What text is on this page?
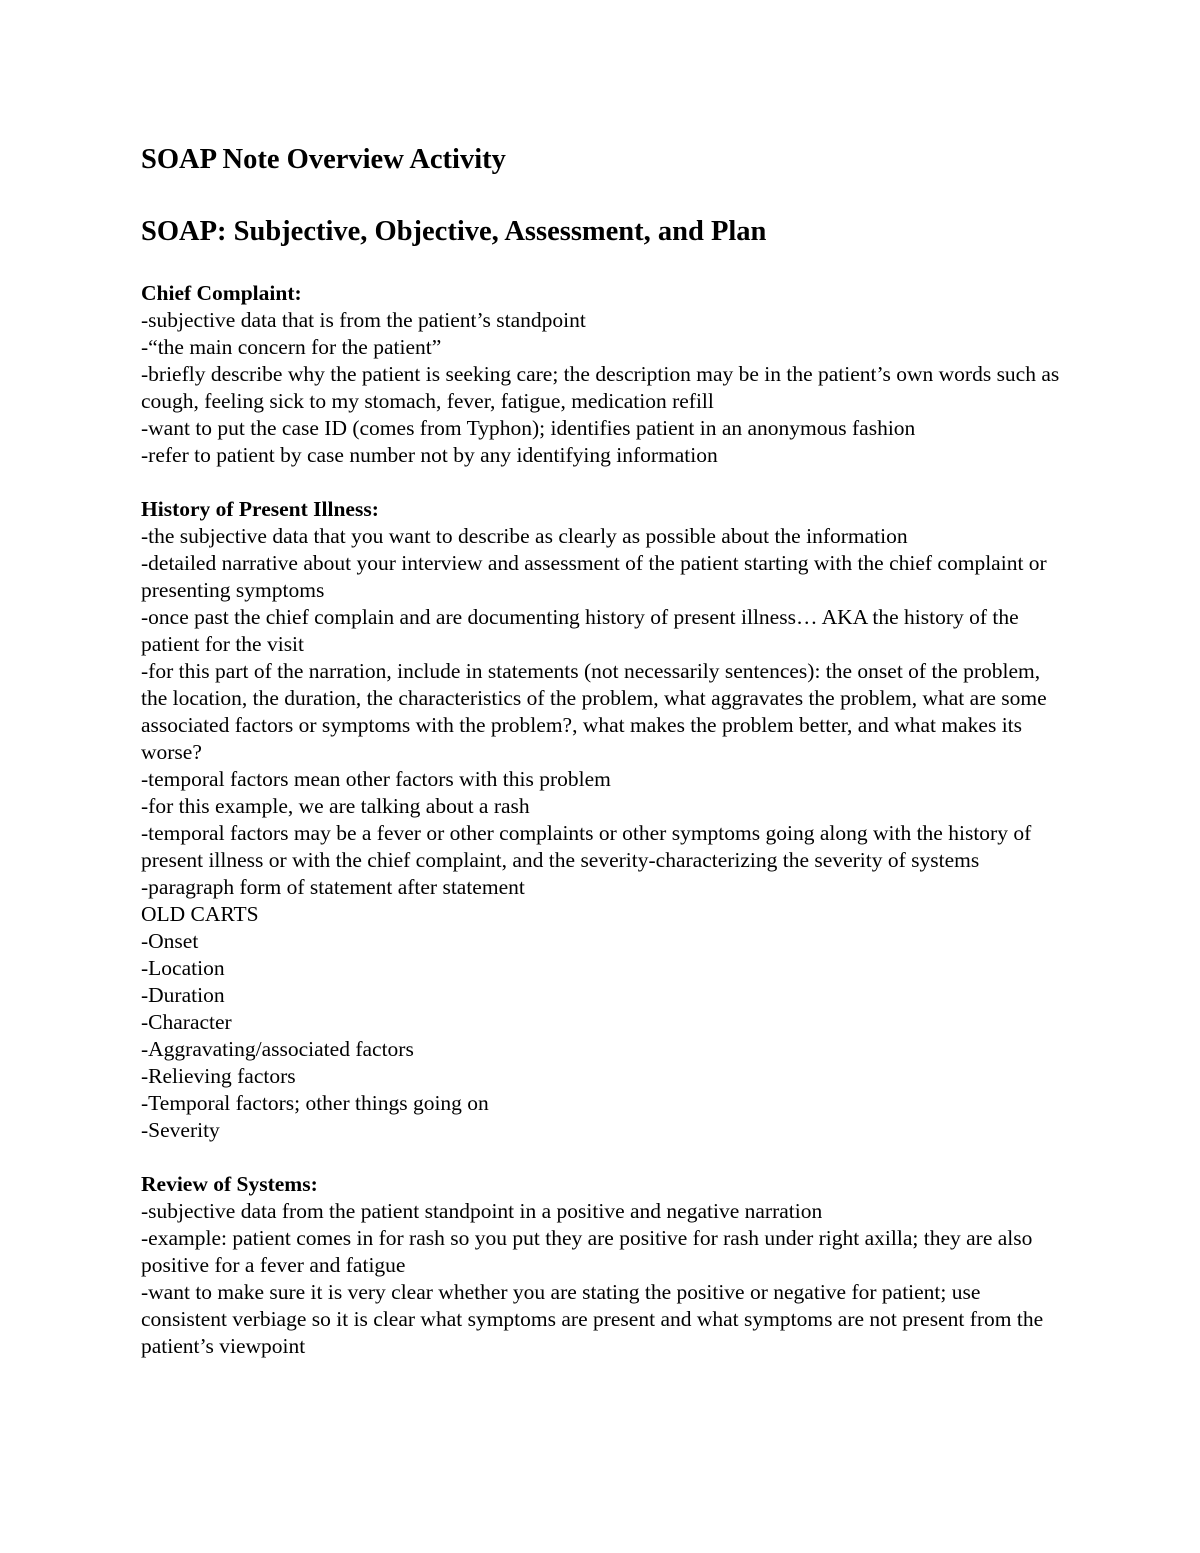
SOAP Note Overview Activity
SOAP: Subjective, Objective, Assessment, and Plan

Chief Complaint:

-subjective data that is from the patient’s standpoint

-“the main concern for the patient”

-briefly describe why the patient is seeking care; the description may be in the patient’s own words such as cough, feeling sick to my stomach, fever, fatigue, medication refill

-want to put the case ID (comes from Typhon); identifies patient in an anonymous fashion

-refer to patient by case number not by any identifying information

History of Present Illness:

-the subjective data that you want to describe as clearly as possible about the information

-detailed narrative about your interview and assessment of the patient starting with the chief complaint or presenting symptoms

-once past the chief complain and are documenting history of present illness… AKA the history of the patient for the visit

-for this part of the narration, include in statements (not necessarily sentences): the onset of the problem, the location, the duration, the characteristics of the problem, what aggravates the problem, what are some associated factors or symptoms with the problem?, what makes the problem better, and what makes its worse?

-temporal factors mean other factors with this problem

-for this example, we are talking about a rash

-temporal factors may be a fever or other complaints or other symptoms going along with the history of present illness or with the chief complaint, and the severity-characterizing the severity of systems

-paragraph form of statement after statement

OLD CARTS

-Onset

-Location

-Duration

-Character

-Aggravating/associated factors

-Relieving factors

-Temporal factors; other things going on

-Severity

Review of Systems:

-subjective data from the patient standpoint in a positive and negative narration

-example: patient comes in for rash so you put they are positive for rash under right axilla; they are also positive for a fever and fatigue

-want to make sure it is very clear whether you are stating the positive or negative for patient; use consistent verbiage so it is clear what symptoms are present and what symptoms are not present from the patient’s viewpoint
